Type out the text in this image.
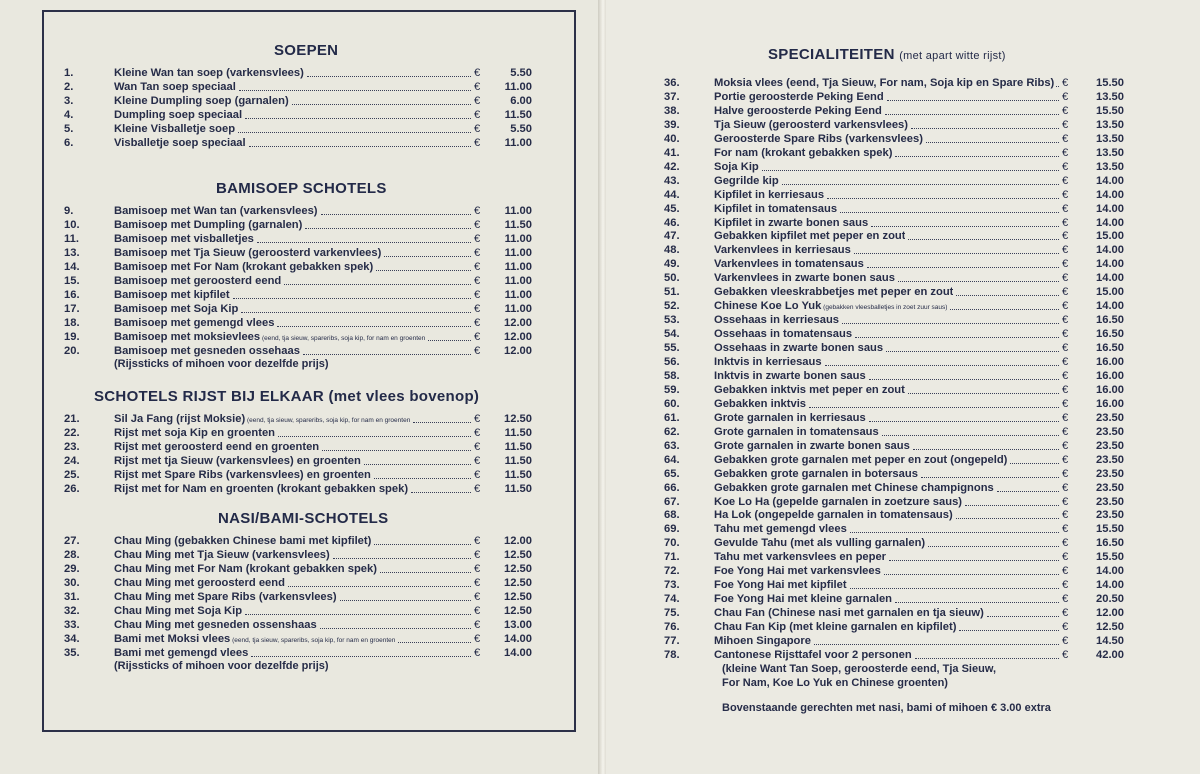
SOEPEN
1.	Kleine Wan tan soep (varkensvlees)	€	5.50
2.	Wan Tan soep speciaal	€	11.00
3.	Kleine Dumpling soep (garnalen)	€	6.00
4.	Dumpling soep speciaal	€	11.50
5.	Kleine Visballetje soep	€	5.50
6.	Visballetje soep speciaal	€	11.00
BAMISOEP SCHOTELS
9.	Bamisoep met Wan tan (varkensvlees)	€	11.00
10.	Bamisoep met Dumpling (garnalen)	€	11.50
11.	Bamisoep met visballetjes	€	11.00
13.	Bamisoep met Tja Sieuw (geroosterd varkenvlees)	€	11.00
14.	Bamisoep met For Nam (krokant gebakken spek)	€	11.00
15.	Bamisoep met geroosterd eend	€	11.00
16.	Bamisoep met kipfilet	€	11.00
17.	Bamisoep met Soja Kip	€	11.00
18.	Bamisoep met gemengd vlees	€	12.00
19.	Bamisoep met moksievlees (eend, tja sieuw, spareribs, soja kip, for nam en groenten	€	12.00
20.	Bamisoep met gesneden ossehaas	€	12.00
(Rijssticks of mihoen voor dezelfde prijs)
SCHOTELS RIJST BIJ ELKAAR (met vlees bovenop)
21.	Sil Ja Fang (rijst Moksie) (eend, tja sieuw, spareribs, soja kip, for nam en groenten	€	12.50
22.	Rijst met soja Kip en groenten	€	11.50
23.	Rijst met geroosterd eend en groenten	€	11.50
24.	Rijst met tja Sieuw (varkensvlees) en groenten	€	11.50
25.	Rijst met Spare Ribs (varkensvlees) en groenten	€	11.50
26.	Rijst met for Nam en groenten (krokant gebakken spek)	€	11.50
NASI/BAMI-SCHOTELS
27.	Chau Ming (gebakken Chinese bami met kipfilet)	€	12.00
28.	Chau Ming met Tja Sieuw (varkensvlees)	€	12.50
29.	Chau Ming met For Nam (krokant gebakken spek)	€	12.50
30.	Chau Ming met geroosterd eend	€	12.50
31.	Chau Ming met Spare Ribs (varkensvlees)	€	12.50
32.	Chau Ming met Soja Kip	€	12.50
33.	Chau Ming met gesneden ossenshaas	€	13.00
34.	Bami met Moksi vlees (eend, tja sieuw, spareribs, soja kip, for nam en groenten	€	14.00
35.	Bami met gemengd vlees	€	14.00
(Rijssticks of mihoen voor dezelfde prijs)
SPECIALITEITEN (met apart witte rijst)
36.	Moksia vlees (eend, Tja Sieuw, For nam, Soja kip en Spare Ribs) €	15.50
37.	Portie geroosterde Peking Eend	€	13.50
38.	Halve geroosterde Peking Eend	€	15.50
39.	Tja Sieuw (geroosterd varkensvlees)	€	13.50
40.	Geroosterde Spare Ribs (varkensvlees)	€	13.50
41.	For nam (krokant gebakken spek)	€	13.50
42.	Soja Kip	€	13.50
43.	Gegrilde kip	€	14.00
44.	Kipfilet in kerriesaus	€	14.00
45.	Kipfilet in tomatensaus	€	14.00
46.	Kipfilet in zwarte bonen saus	€	14.00
47.	Gebakken kipfilet met peper en zout	€	15.00
48.	Varkenvlees in kerriesaus	€	14.00
49.	Varkenvlees in tomatensaus	€	14.00
50.	Varkenvlees in zwarte bonen saus	€	14.00
51.	Gebakken vleeskrabbetjes met peper en zout	€	15.00
52.	Chinese Koe Lo Yuk (gebakken vleesballetjes in zoet zuur saus)	€	14.00
53.	Ossehaas in kerriesaus	€	16.50
54.	Ossehaas in tomatensaus	€	16.50
55.	Ossehaas in zwarte bonen saus	€	16.50
56.	Inktvis in kerriesaus	€	16.00
58.	Inktvis in zwarte bonen saus	€	16.00
59.	Gebakken inktvis met peper en zout	€	16.00
60.	Gebakken inktvis	€	16.00
61.	Grote garnalen in kerriesaus	€	23.50
62.	Grote garnalen in tomatensaus	€	23.50
63.	Grote garnalen in zwarte bonen saus	€	23.50
64.	Gebakken grote garnalen met peper en zout (ongepeld)	€	23.50
65.	Gebakken grote garnalen in botersaus	€	23.50
66.	Gebakken grote garnalen met Chinese champignons	€	23.50
67.	Koe Lo Ha (gepelde garnalen in zoetzure saus)	€	23.50
68.	Ha Lok (ongepelde garnalen in tomatensaus)	€	23.50
69.	Tahu met gemengd vlees	€	15.50
70.	Gevulde Tahu (met als vulling garnalen)	€	16.50
71.	Tahu met varkensvlees en peper	€	15.50
72.	Foe Yong Hai met varkensvlees	€	14.00
73.	Foe Yong Hai met kipfilet	€	14.00
74.	Foe Yong Hai met kleine garnalen	€	20.50
75.	Chau Fan (Chinese nasi met garnalen en tja sieuw)	€	12.00
76.	Chau Fan Kip (met kleine garnalen en kipfilet)	€	12.50
77.	Mihoen Singapore	€	14.50
78.	Cantonese Rijsttafel voor 2 personen	€	42.00
(kleine Want Tan Soep, geroosterde eend, Tja Sieuw,
For Nam, Koe Lo Yuk en Chinese groenten)
Bovenstaande gerechten met nasi, bami of mihoen € 3.00 extra
